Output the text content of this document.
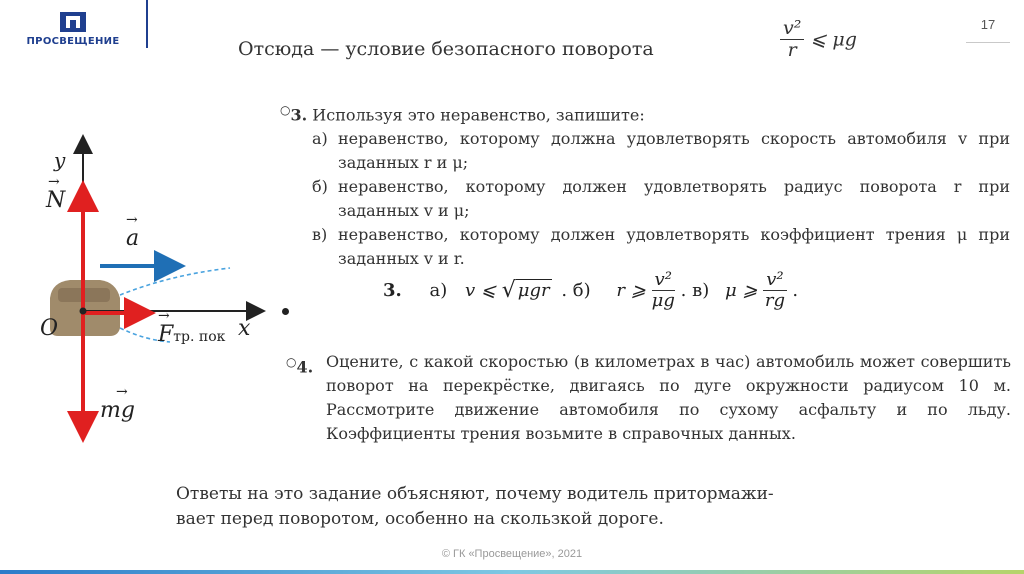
ПРОСВЕЩЕНИЕ
17
Отсюда — условие безопасного поворота	$\frac{\text{v²}}{r}$ ⩽ μg
○3. Используя это неравенство, запишите:
а) неравенство, которому должна удовлетворять скорость автомобиля v при заданных r и μ;
б) неравенство, которому должен удовлетворять радиус поворота r при заданных v и μ;
в) неравенство, которому должен удовлетворять коэффициент трения μ при заданных v и r.
3. а) v ⩽ √ μgr . б) r ⩾ $\frac{\text{v²}}{\mu g}$ . в) μ ⩾ $\frac{\text{v²}}{rg}$ .
○4. Оцените, с какой скоростью (в километрах в час) автомобиль может совершить поворот на перекрёстке, двигаясь по дуге окружности радиусом 10 м. Рассмотрите движение автомобиля по сухому асфальту и по льду. Коэффициенты трения возьмите в справочных данных.
Ответы на это задание объясняют, почему водитель притормажи-
вает перед поворотом, особенно на скользкой дороге.
y
→
N
→
a
O	x
→
Fтр. пок
→
mg
© ГК «Просвещение», 2021
